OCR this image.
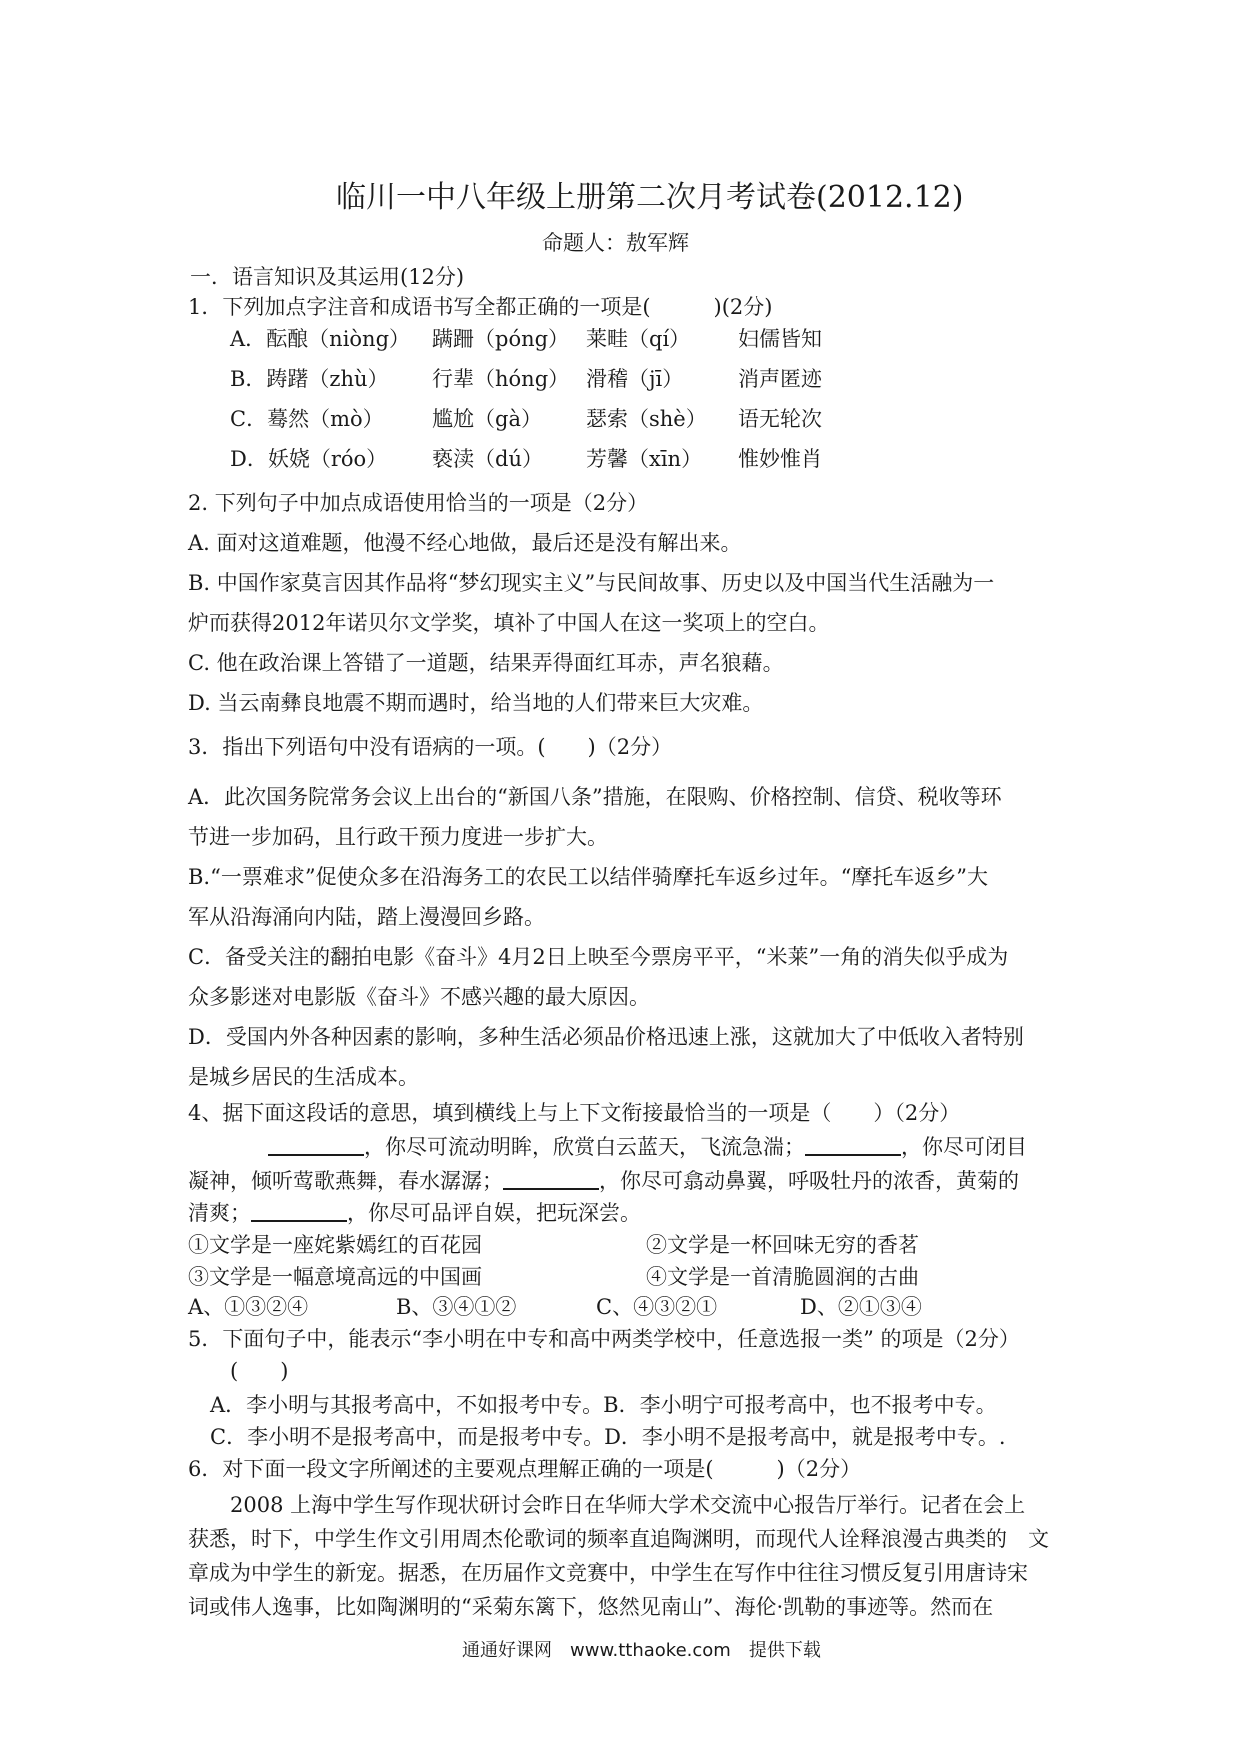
临川一中八年级上册第二次月考试卷(2012.12)
命题人：敖军辉
一．语言知识及其运用(12分)
1．下列加点字注音和成语书写全都正确的一项是(　　　)(2分)
A．酝酿（niòng） 蹒跚（póng） 莱畦（qí） 妇儒皆知
B．踌躇（zhù） 行辈（hóng） 滑稽（jī）	消声匿迹
C．蓦然（mò） 尴尬（gà） 瑟索（shè） 语无轮次
D．妖娆（róo） 亵渎（dú） 芳馨（xīn） 惟妙惟肖
2. 下列句子中加点成语使用恰当的一项是（2分）
A. 面对这道难题，他漫不经心地做，最后还是没有解出来。
B. 中国作家莫言因其作品将“梦幻现实主义”与民间故事、历史以及中国当代生活融为一
炉而获得2012年诺贝尔文学奖，填补了中国人在这一奖项上的空白。
C. 他在政治课上答错了一道题，结果弄得面红耳赤，声名狼藉。
D. 当云南彝良地震不期而遇时，给当地的人们带来巨大灾难。
3．指出下列语句中没有语病的一项。(　　)（2分）
A．此次国务院常务会议上出台的“新国八条”措施，在限购、价格控制、信贷、税收等环
节进一步加码，且行政干预力度进一步扩大。
B.“一票难求”促使众多在沿海务工的农民工以结伴骑摩托车返乡过年。“摩托车返乡”大
军从沿海涌向内陆，踏上漫漫回乡路。
C．备受关注的翻拍电影《奋斗》4月2日上映至今票房平平，“米莱”一角的消失似乎成为
众多影迷对电影版《奋斗》不感兴趣的最大原因。
D．受国内外各种因素的影响，多种生活必须品价格迅速上涨，这就加大了中低收入者特别
是城乡居民的生活成本。
4、据下面这段话的意思，填到横线上与上下文衔接最恰当的一项是（　　）（2分）
，你尽可流动明眸，欣赏白云蓝天，飞流急湍；	，你尽可闭目
凝神，倾听莺歌燕舞，春水潺潺；	，你尽可翕动鼻翼，呼吸牡丹的浓香，黄菊的
清爽；	，你尽可品评自娱，把玩深尝。
①文学是一座姹紫嫣红的百花园	②文学是一杯回味无穷的香茗
③文学是一幅意境高远的中国画	④文学是一首清脆圆润的古曲
A、①③②④	B、③④①②	C、④③②①	D、②①③④
5．下面句子中，能表示“李小明在中专和高中两类学校中，任意选报一类” 的项是（2分）
(　　)
A．李小明与其报考高中，不如报考中专。B．李小明宁可报考高中，也不报考中专。
C．李小明不是报考高中，而是报考中专。D．李小明不是报考高中，就是报考中专。.
6．对下面一段文字所阐述的主要观点理解正确的一项是(　　　)（2分）
2008 上海中学生写作现状研讨会昨日在华师大学术交流中心报告厅举行。记者在会上
获悉，时下，中学生作文引用周杰伦歌词的频率直追陶渊明，而现代人诠释浪漫古典类的　文
章成为中学生的新宠。据悉，在历届作文竞赛中，中学生在写作中往往习惯反复引用唐诗宋
词或伟人逸事，比如陶渊明的“采菊东篱下，悠然见南山”、海伦·凯勒的事迹等。然而在
通通好课网　www.tthaoke.com　提供下载
